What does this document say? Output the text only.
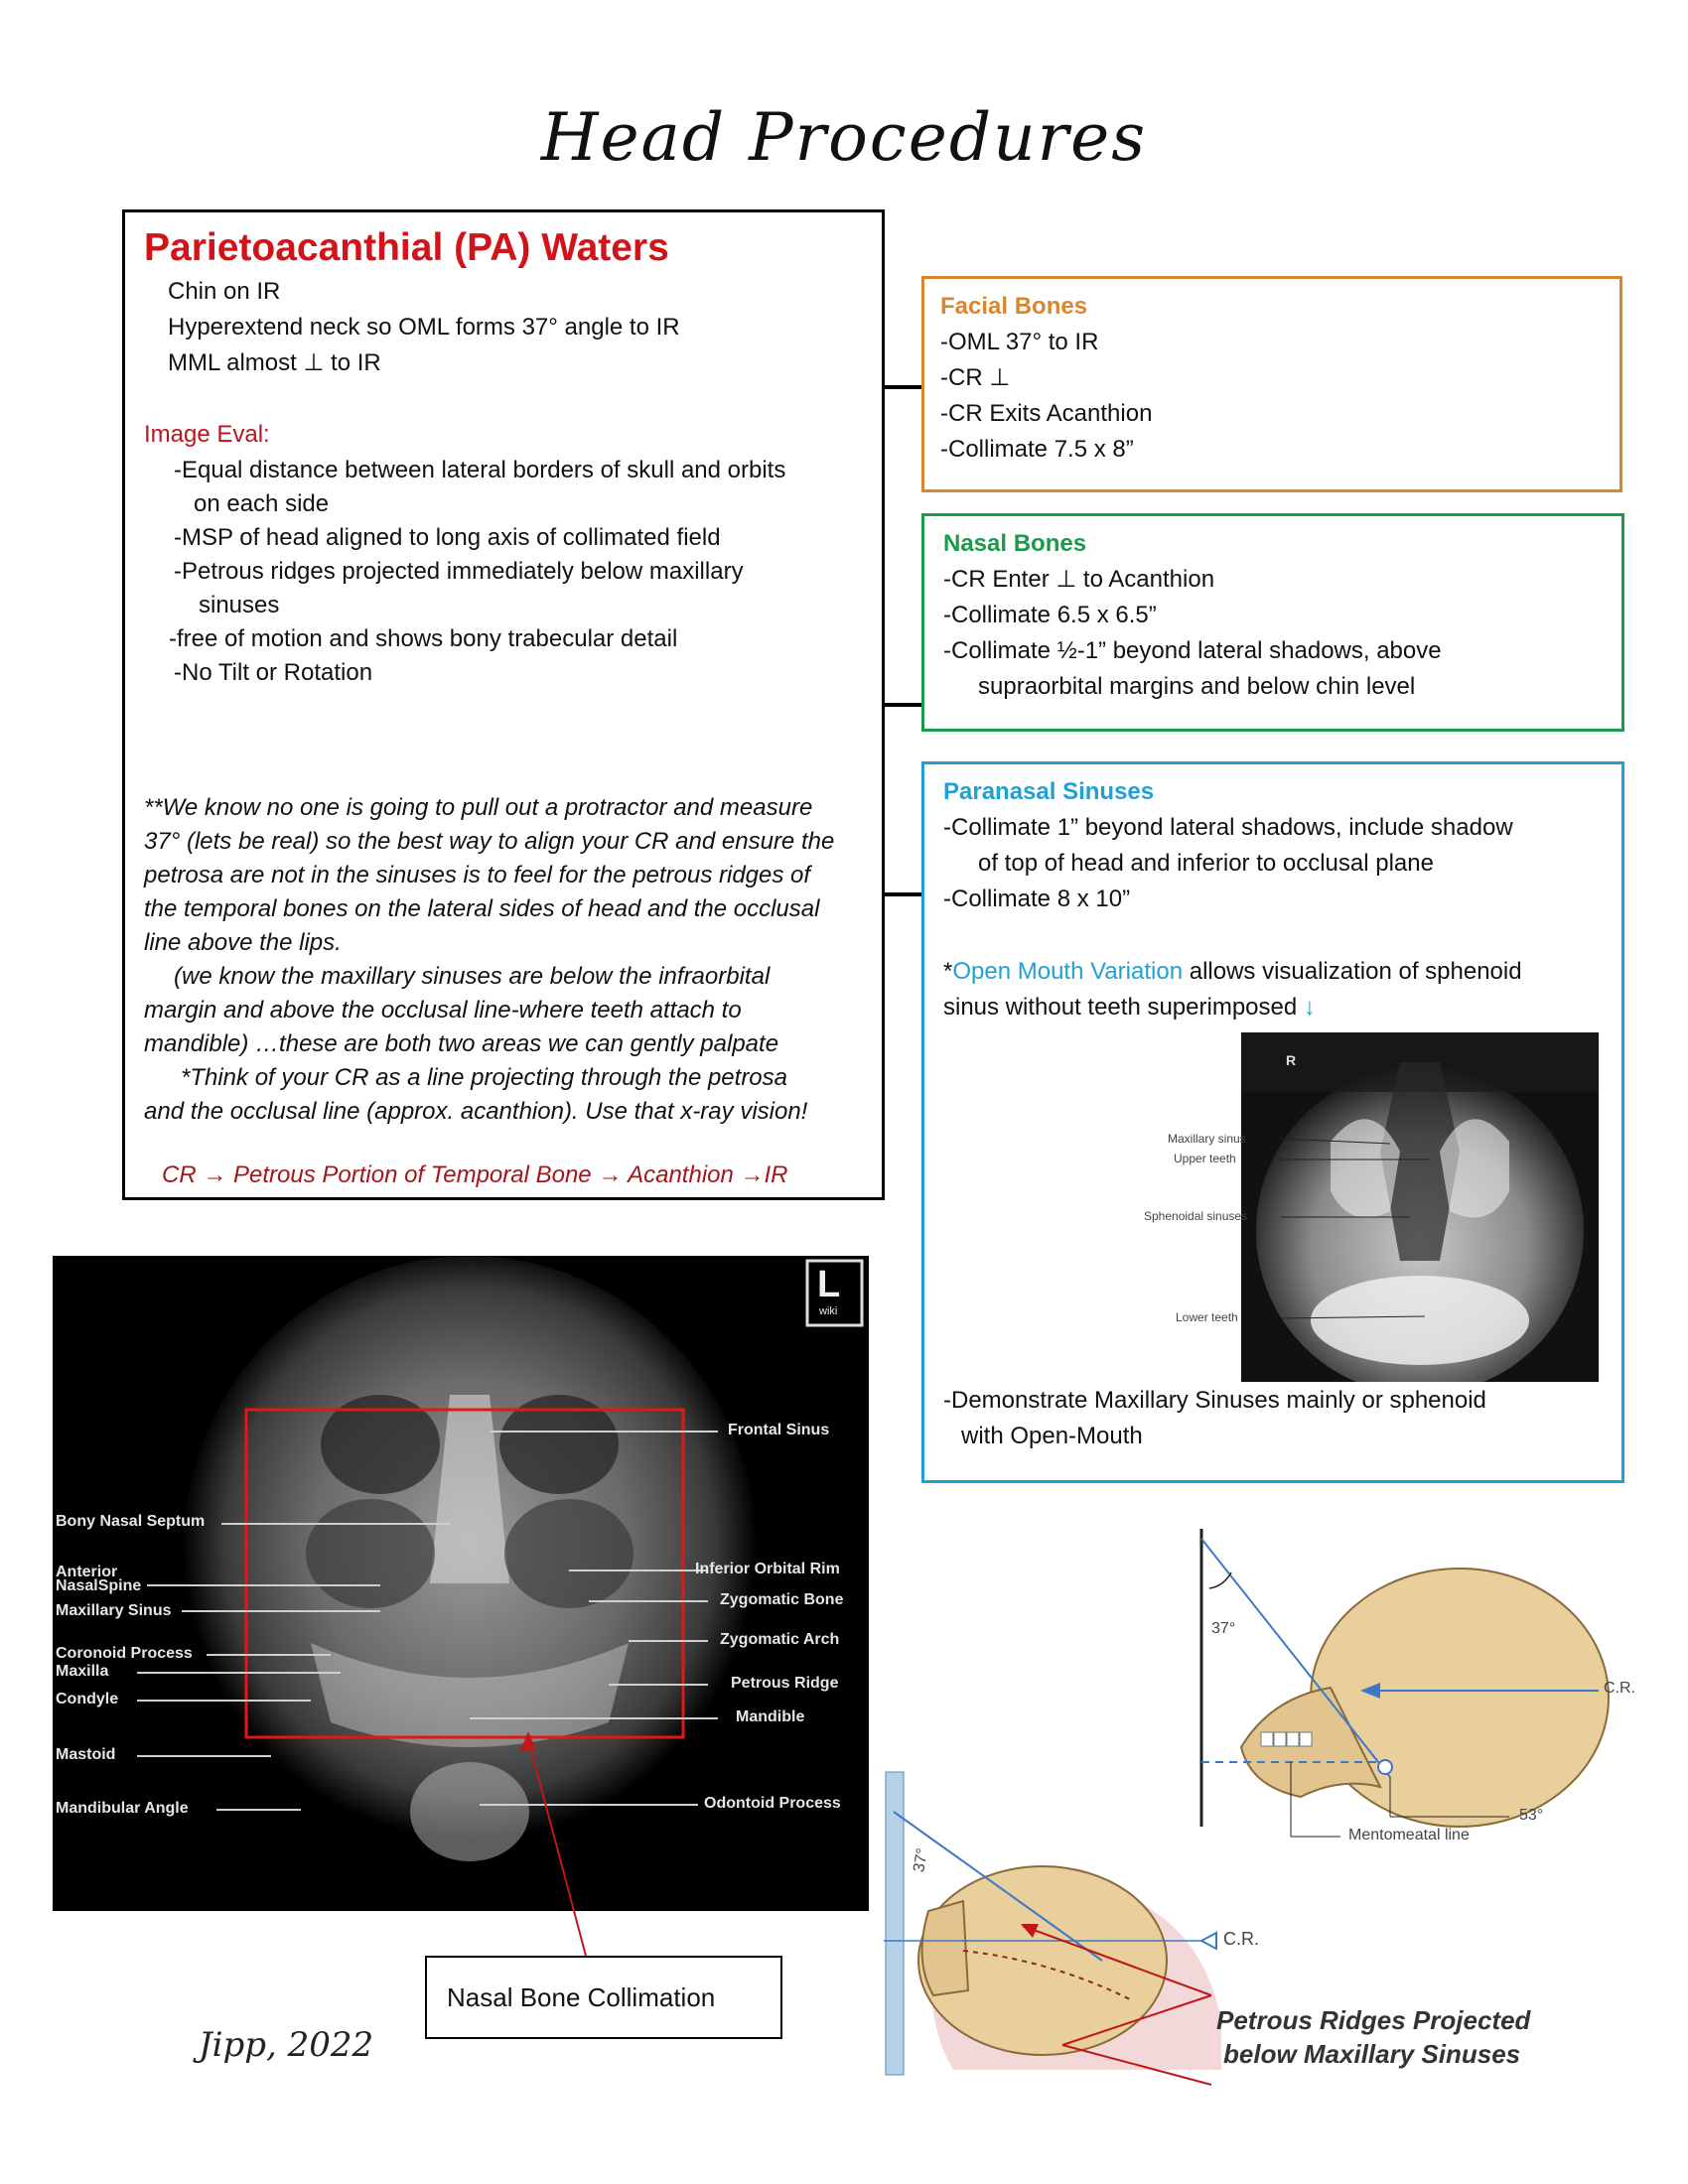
Head Procedures
Parietoacanthial (PA) Waters
Chin on IR
Hyperextend neck so OML forms 37° angle to IR
MML almost ⊥ to IR
Image Eval:
-Equal distance between lateral borders of skull and orbits
on each side
-MSP of head aligned to long axis of collimated field
-Petrous ridges projected immediately below maxillary
sinuses
-free of motion and shows bony trabecular detail
-No Tilt or Rotation
**We know no one is going to pull out a protractor and measure
37° (lets be real) so the best way to align your CR and ensure the
petrosa are not in the sinuses is to feel for the petrous ridges of
the temporal bones on the lateral sides of head and the occlusal
line above the lips.
(we know the maxillary sinuses are below the infraorbital
margin and above the occlusal line-where teeth attach to
mandible) …these are both two areas we can gently palpate
*Think of your CR as a line projecting through the petrosa
and the occlusal line (approx. acanthion). Use that x-ray vision!
CR → Petrous Portion of Temporal Bone → Acanthion →IR
Facial Bones
-OML 37° to IR
-CR ⊥
-CR Exits Acanthion
-Collimate 7.5 x 8”
Nasal Bones
-CR Enter ⊥ to Acanthion
-Collimate 6.5 x 6.5”
-Collimate ½-1” beyond lateral shadows, above
supraorbital margins and below chin level
Paranasal Sinuses
-Collimate 1” beyond lateral shadows, include shadow
of top of head and inferior to occlusal plane
-Collimate 8 x 10”
*Open Mouth Variation allows visualization of sphenoid
sinus without teeth superimposed ↓
R
Maxillary sinus
Upper teeth
Sphenoidal sinuses
Lower teeth
-Demonstrate Maxillary Sinuses mainly or sphenoid
with Open-Mouth
L
wiki
Bony Nasal Septum
Anterior
NasalSpine
Maxillary Sinus
Coronoid Process
Maxilla
Condyle
Mastoid
Mandibular Angle
Frontal Sinus
Inferior Orbital Rim
Zygomatic Bone
Zygomatic Arch
Petrous Ridge
Mandible
Odontoid Process
Nasal Bone Collimation
Jipp, 2022
37°
C.R.
53°
Mentomeatal line
37°
C.R.
Petrous Ridges Projected
below Maxillary Sinuses
